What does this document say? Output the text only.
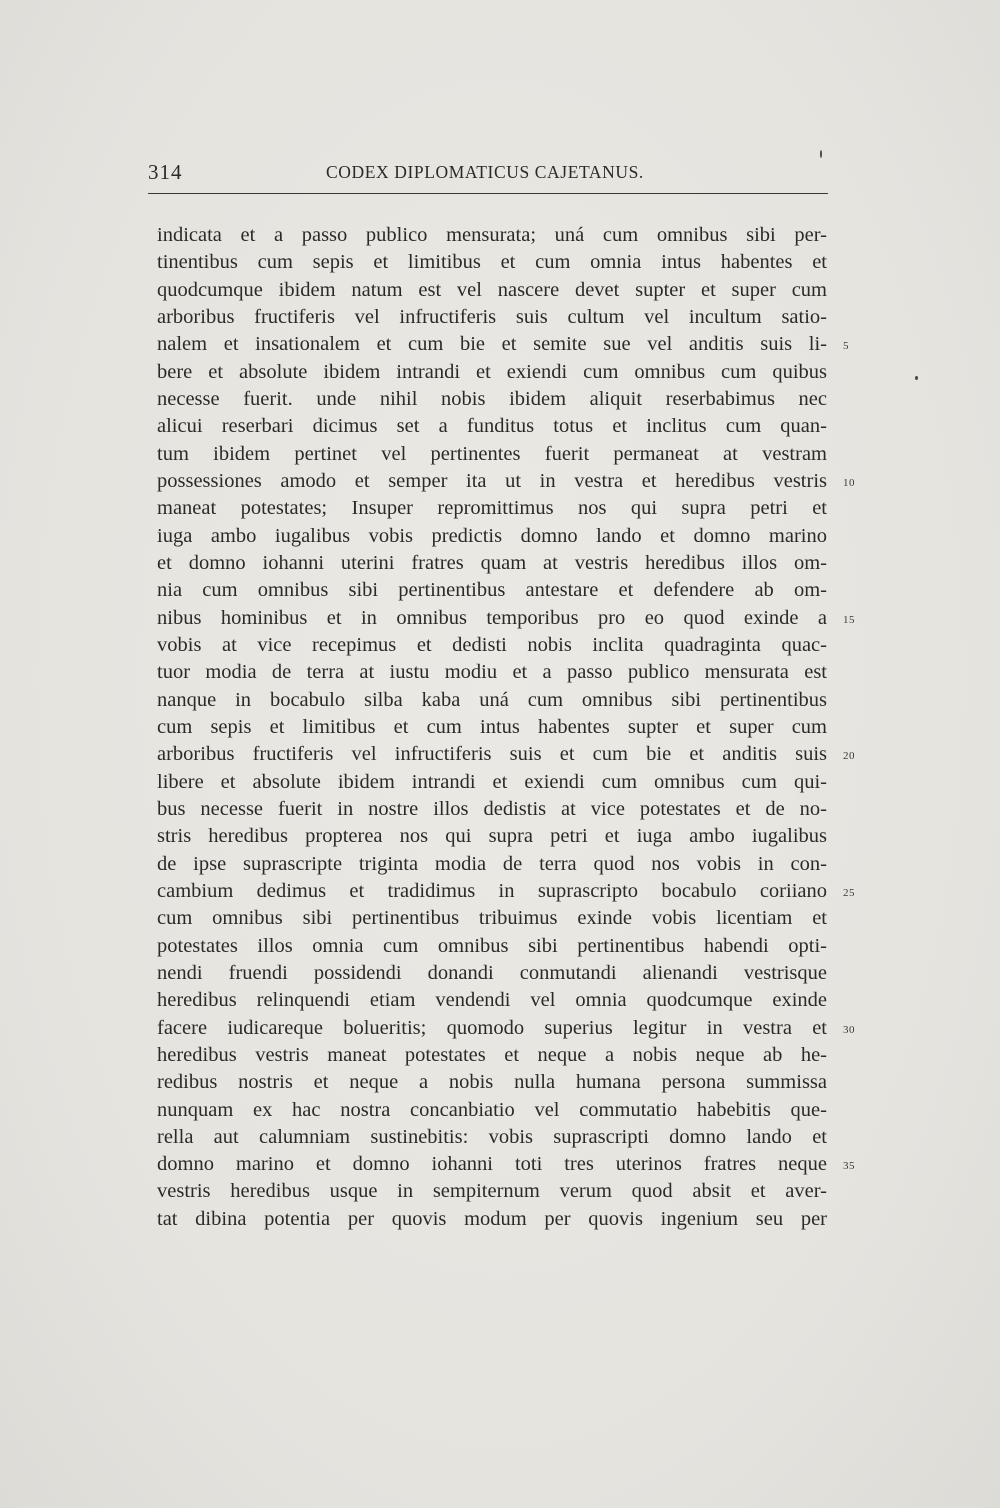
314	CODEX DIPLOMATICUS CAJETANUS.
indicata et a passo publico mensurata; uná cum omnibus sibi per-
tinentibus cum sepis et limitibus et cum omnia intus habentes et
quodcumque ibidem natum est vel nascere devet supter et super cum
arboribus fructiferis vel infructiferis suis cultum vel incultum satio-
nalem et insationalem et cum bie et semite sue vel anditis suis li-
bere et absolute ibidem intrandi et exiendi cum omnibus cum quibus
necesse fuerit. unde nihil nobis ibidem aliquit reserbabimus nec
alicui reserbari dicimus set a funditus totus et inclitus cum quan-
tum ibidem pertinet vel pertinentes fuerit permaneat at vestram
possessiones amodo et semper ita ut in vestra et heredibus vestris
maneat potestates; Insuper repromittimus nos qui supra petri et
iuga ambo iugalibus vobis predictis domno lando et domno marino
et domno iohanni uterini fratres quam at vestris heredibus illos om-
nia cum omnibus sibi pertinentibus antestare et defendere ab om-
nibus hominibus et in omnibus temporibus pro eo quod exinde a
vobis at vice recepimus et dedisti nobis inclita quadraginta quac-
tuor modia de terra at iustu modiu et a passo publico mensurata est
nanque in bocabulo silba kaba uná cum omnibus sibi pertinentibus
cum sepis et limitibus et cum intus habentes supter et super cum
arboribus fructiferis vel infructiferis suis et cum bie et anditis suis
libere et absolute ibidem intrandi et exiendi cum omnibus cum qui-
bus necesse fuerit in nostre illos dedistis at vice potestates et de no-
stris heredibus propterea nos qui supra petri et iuga ambo iugalibus
de ipse suprascripte triginta modia de terra quod nos vobis in con-
cambium dedimus et tradidimus in suprascripto bocabulo coriiano
cum omnibus sibi pertinentibus tribuimus exinde vobis licentiam et
potestates illos omnia cum omnibus sibi pertinentibus habendi opti-
nendi fruendi possidendi donandi conmutandi alienandi vestrisque
heredibus relinquendi etiam vendendi vel omnia quodcumque exinde
facere iudicareque bolueritis; quomodo superius legitur in vestra et
heredibus vestris maneat potestates et neque a nobis neque ab he-
redibus nostris et neque a nobis nulla humana persona summissa
nunquam ex hac nostra concanbiatio vel commutatio habebitis que-
rella aut calumniam sustinebitis: vobis suprascripti domno lando et
domno marino et domno iohanni toti tres uterinos fratres neque
vestris heredibus usque in sempiternum verum quod absit et aver-
tat dibina potentia per quovis modum per quovis ingenium seu per
5
10
15
20
25
30
35
